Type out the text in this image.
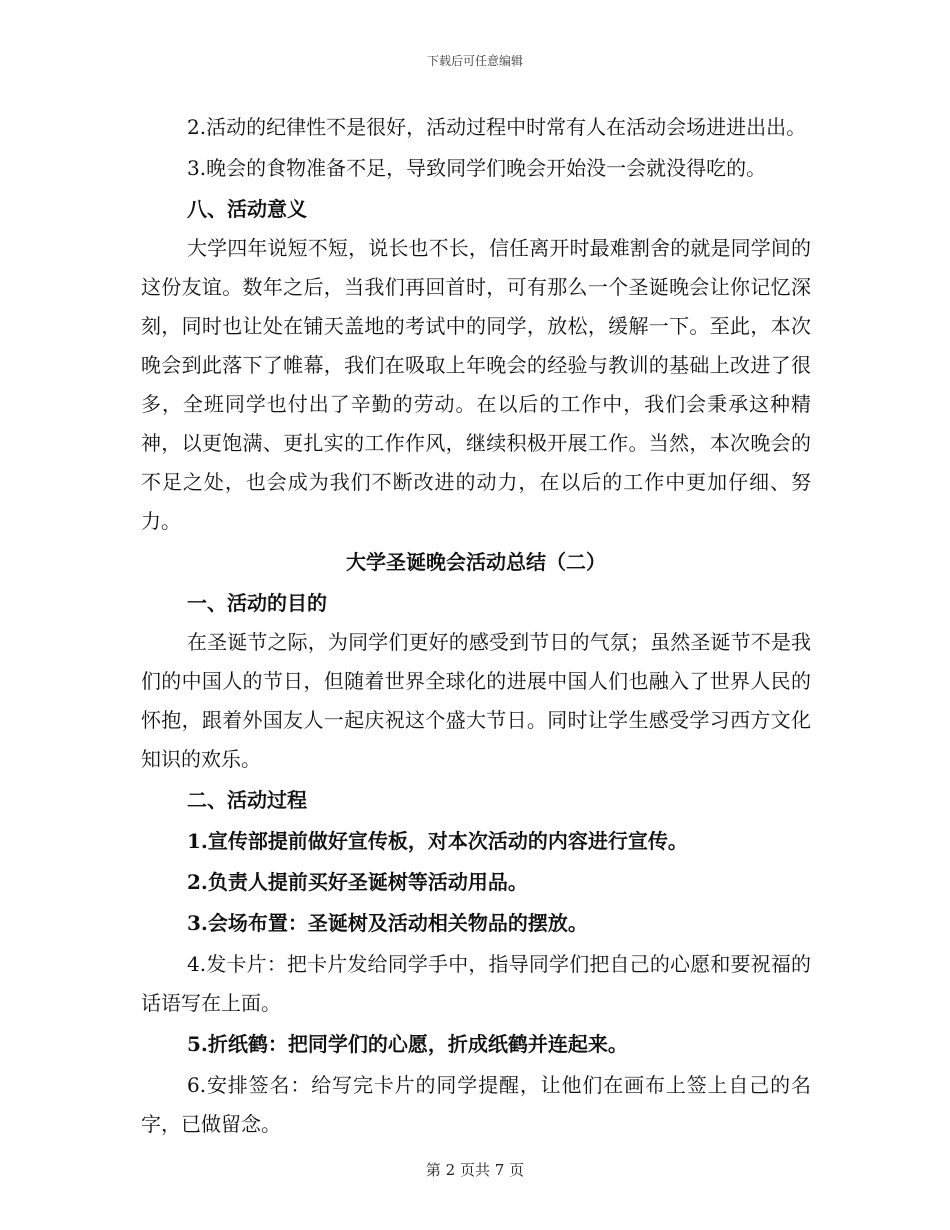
下载后可任意编辑

2.活动的纪律性不是很好，活动过程中时常有人在活动会场进进出出。

3.晚会的食物准备不足，导致同学们晚会开始没一会就没得吃的。

八、活动意义

大学四年说短不短，说长也不长，信任离开时最难割舍的就是同学间的这份友谊。数年之后，当我们再回首时，可有那么一个圣诞晚会让你记忆深刻，同时也让处在铺天盖地的考试中的同学，放松，缓解一下。至此，本次晚会到此落下了帷幕，我们在吸取上年晚会的经验与教训的基础上改进了很多，全班同学也付出了辛勤的劳动。在以后的工作中，我们会秉承这种精神，以更饱满、更扎实的工作作风，继续积极开展工作。当然，本次晚会的不足之处，也会成为我们不断改进的动力，在以后的工作中更加仔细、努力。

大学圣诞晚会活动总结（二）

一、活动的目的

在圣诞节之际，为同学们更好的感受到节日的气氛；虽然圣诞节不是我们的中国人的节日，但随着世界全球化的进展中国人们也融入了世界人民的怀抱，跟着外国友人一起庆祝这个盛大节日。同时让学生感受学习西方文化知识的欢乐。

二、活动过程

1.宣传部提前做好宣传板，对本次活动的内容进行宣传。

2.负责人提前买好圣诞树等活动用品。

3.会场布置：圣诞树及活动相关物品的摆放。

4.发卡片：把卡片发给同学手中，指导同学们把自己的心愿和要祝福的话语写在上面。

5.折纸鹤：把同学们的心愿，折成纸鹤并连起来。

6.安排签名：给写完卡片的同学提醒，让他们在画布上签上自己的名字，已做留念。

第 2 页共 7 页
